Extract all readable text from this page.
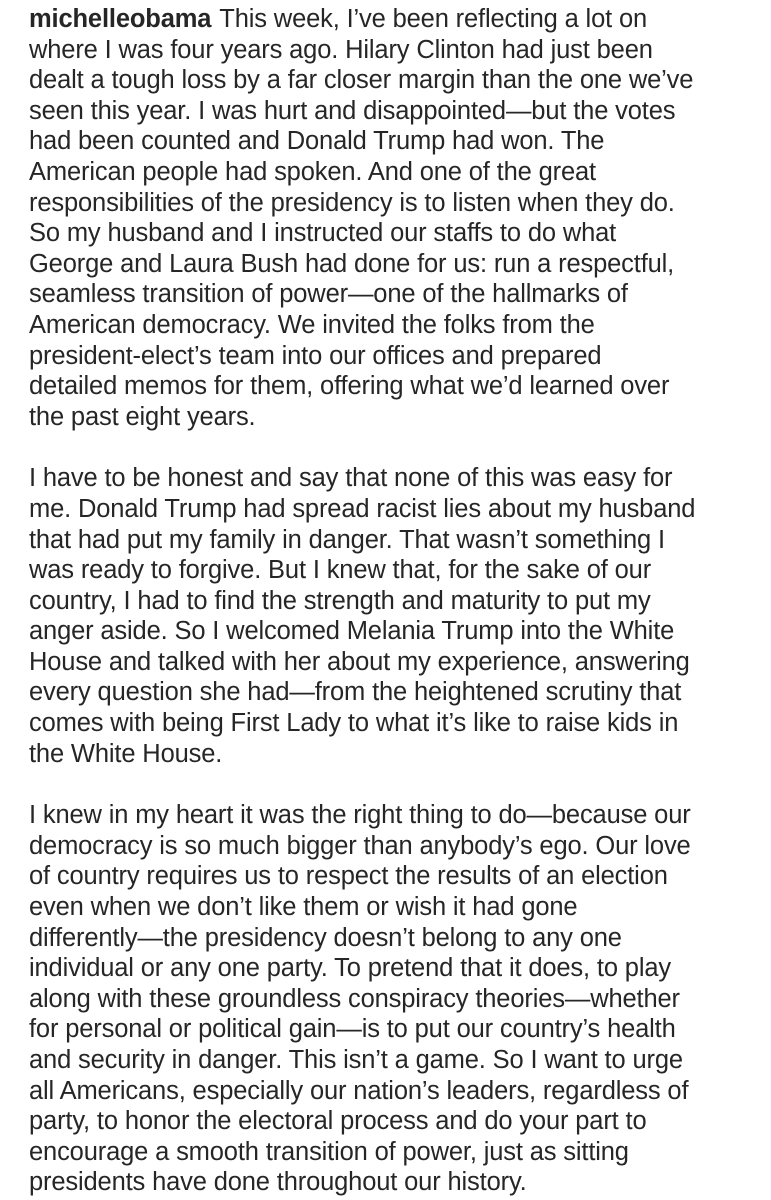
michelleobama This week, I’ve been reflecting a lot on
where I was four years ago. Hilary Clinton had just been
dealt a tough loss by a far closer margin than the one we’ve
seen this year. I was hurt and disappointed—but the votes
had been counted and Donald Trump had won. The
American people had spoken. And one of the great
responsibilities of the presidency is to listen when they do.
So my husband and I instructed our staffs to do what
George and Laura Bush had done for us: run a respectful,
seamless transition of power—one of the hallmarks of
American democracy. We invited the folks from the
president-elect’s team into our offices and prepared
detailed memos for them, offering what we’d learned over
the past eight years.

I have to be honest and say that none of this was easy for
me. Donald Trump had spread racist lies about my husband
that had put my family in danger. That wasn’t something I
was ready to forgive. But I knew that, for the sake of our
country, I had to find the strength and maturity to put my
anger aside. So I welcomed Melania Trump into the White
House and talked with her about my experience, answering
every question she had—from the heightened scrutiny that
comes with being First Lady to what it’s like to raise kids in
the White House.

I knew in my heart it was the right thing to do—because our
democracy is so much bigger than anybody’s ego. Our love
of country requires us to respect the results of an election
even when we don’t like them or wish it had gone
differently—the presidency doesn’t belong to any one
individual or any one party. To pretend that it does, to play
along with these groundless conspiracy theories—whether
for personal or political gain—is to put our country’s health
and security in danger. This isn’t a game. So I want to urge
all Americans, especially our nation’s leaders, regardless of
party, to honor the electoral process and do your part to
encourage a smooth transition of power, just as sitting
presidents have done throughout our history.
